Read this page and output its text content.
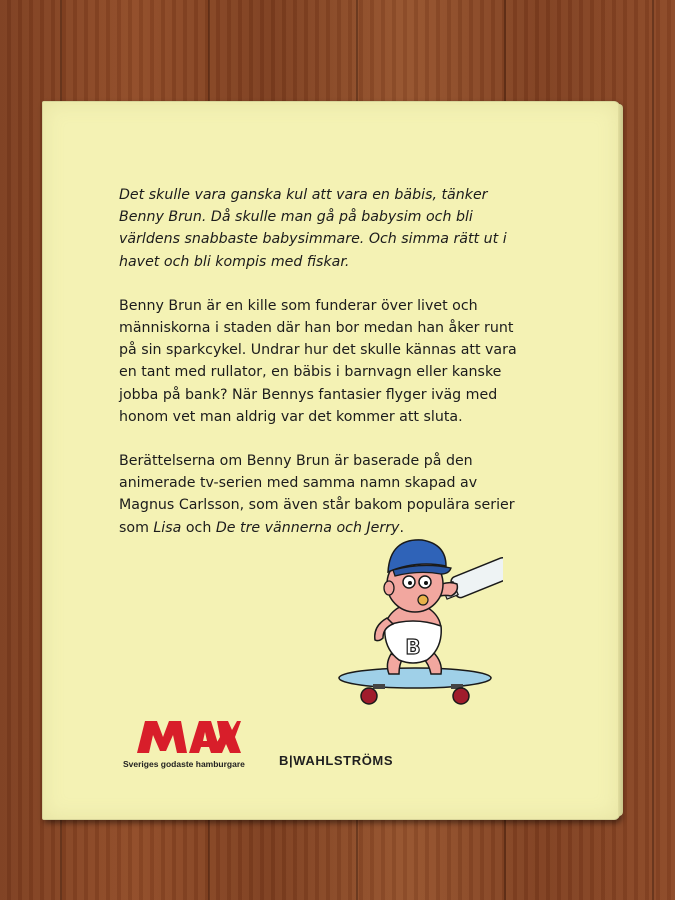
Det skulle vara ganska kul att vara en bäbis, tänker Benny Brun. Då skulle man gå på babysim och bli världens snabbaste babysimmare. Och simma rätt ut i havet och bli kompis med fiskar.

Benny Brun är en kille som funderar över livet och människorna i staden där han bor medan han åker runt på sin sparkcykel. Undrar hur det skulle kännas att vara en tant med rullator, en bäbis i barnvagn eller kanske jobba på bank? När Bennys fantasier flyger iväg med honom vet man aldrig var det kommer att sluta.

Berättelserna om Benny Brun är baserade på den animerade tv-serien med samma namn skapad av Magnus Carlsson, som även står bakom populära serier som Lisa och De tre vännerna och Jerry.

B
Sveriges godaste hamburgare	B|WAHLSTRÖMS
